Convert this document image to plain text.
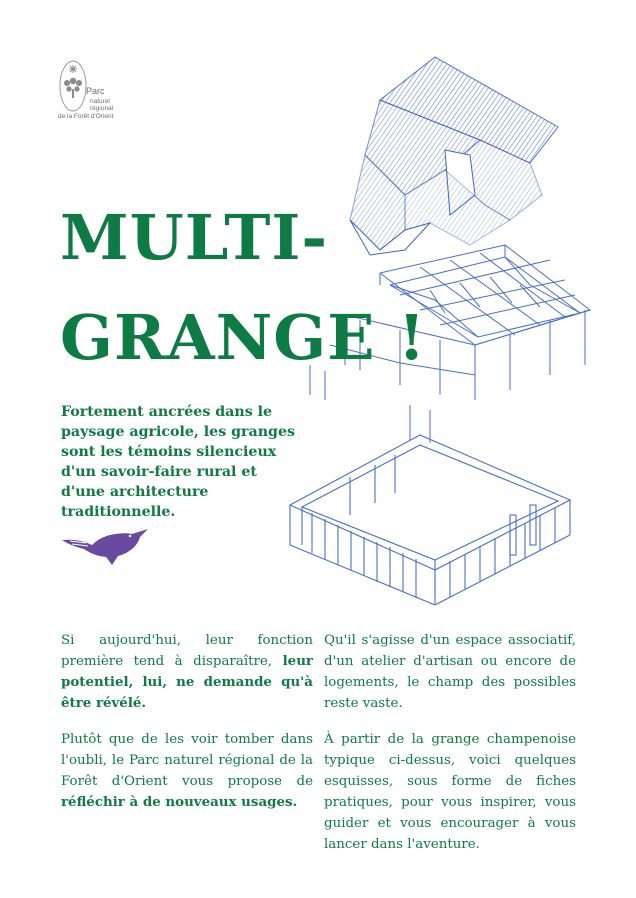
Parc
naturel
régional
de la Forêt d'Orient
MULTI-
GRANGE !

Fortement ancrées dans le paysage agricole, les granges sont les témoins silencieux d'un savoir-faire rural et d'une architecture traditionnelle.

Si aujourd'hui, leur fonction première tend à disparaître, leur potentiel, lui, ne demande qu'à être révélé.

Plutôt que de les voir tomber dans l'oubli, le Parc naturel régional de la Forêt d'Orient vous propose de réfléchir à de nouveaux usages.

Qu'il s'agisse d'un espace associatif, d'un atelier d'artisan ou encore de logements, le champ des possibles reste vaste.

À partir de la grange champenoise typique ci-dessus, voici quelques esquisses, sous forme de fiches pratiques, pour vous inspirer, vous guider et vous encourager à vous lancer dans l'aventure.
